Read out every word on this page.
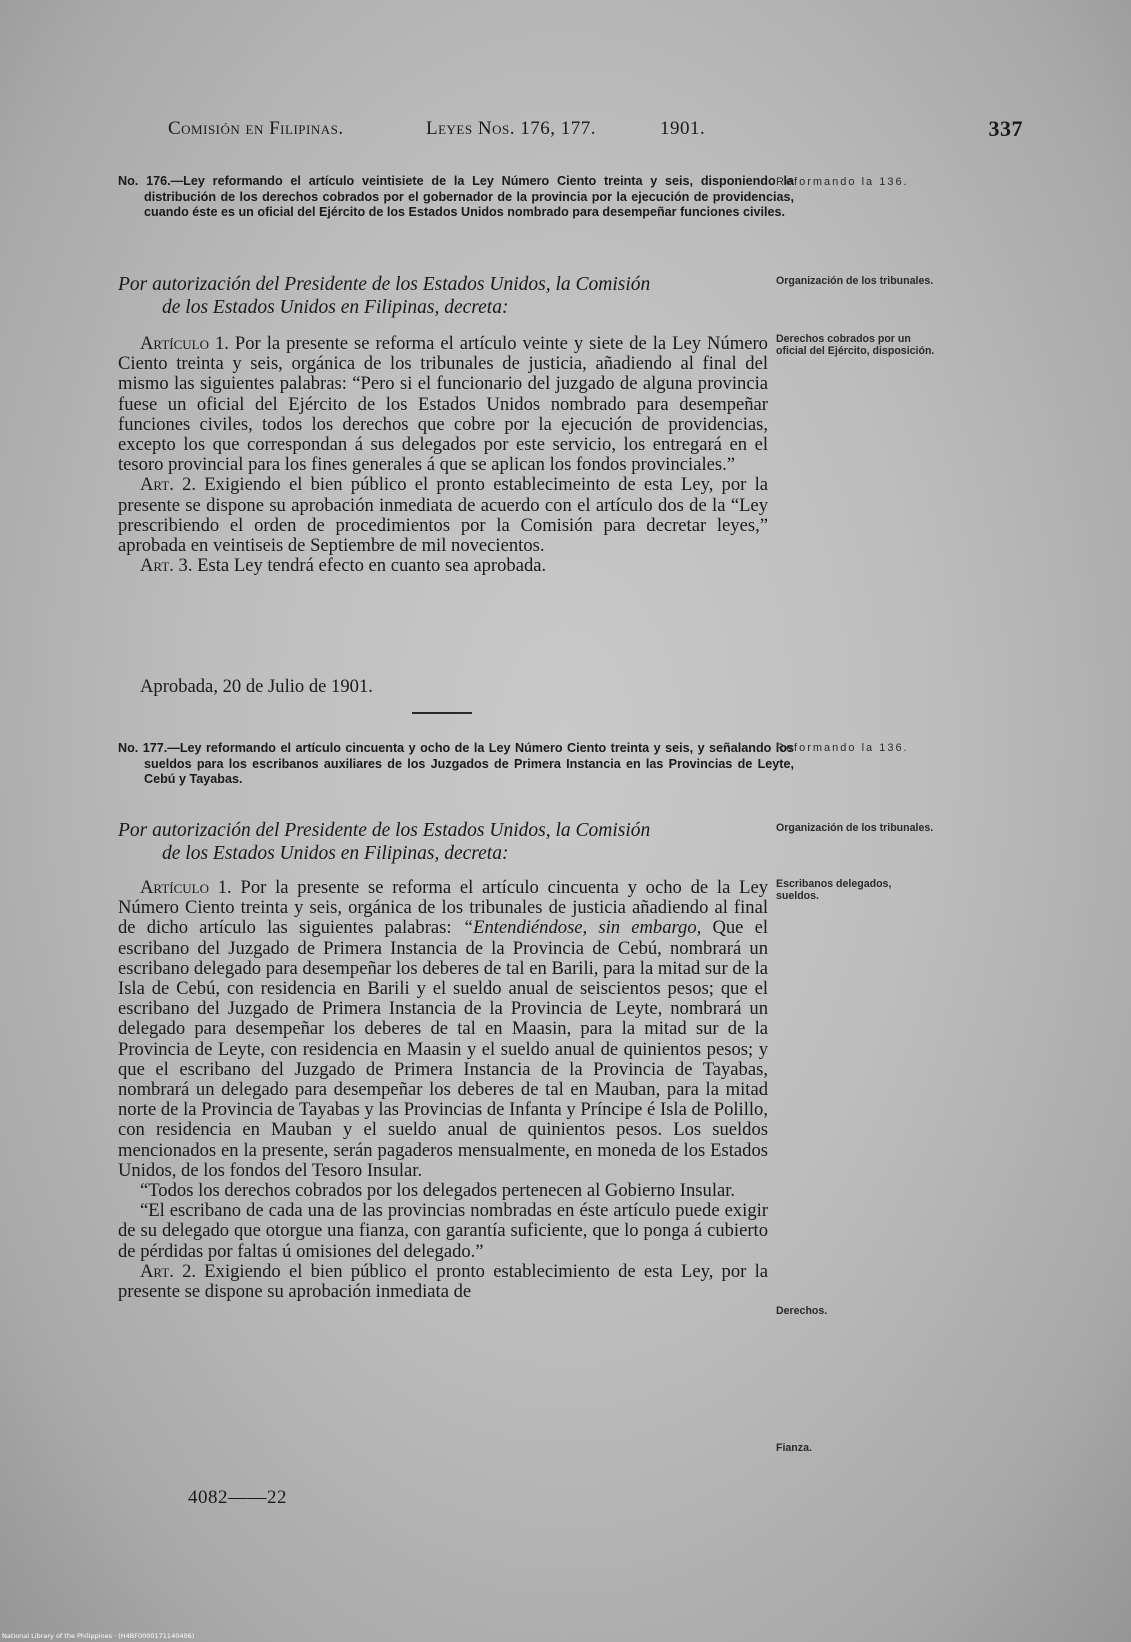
Comisión en Filipinas.	Leyes Nos. 176, 177.	1901.	337
No. 176.—Ley reformando el artículo veintisiete de la Ley Número Ciento treinta y seis, disponiendo la distribución de los derechos cobrados por el gobernador de la provincia por la ejecución de providencias, cuando éste es un oficial del Ejército de los Estados Unidos nombrado para desempeñar funciones civiles.
Por autorización del Presidente de los Estados Unidos, la Comisión
de los Estados Unidos en Filipinas, decreta:

Artículo 1. Por la presente se reforma el artículo veinte y siete de la Ley Número Ciento treinta y seis, orgánica de los tribunales de justicia, añadiendo al final del mismo las siguientes palabras: “Pero si el funcionario del juzgado de alguna provincia fuese un oficial del Ejército de los Estados Unidos nombrado para desempeñar funciones civiles, todos los derechos que cobre por la ejecución de providencias, excepto los que correspondan á sus delegados por este servicio, los entregará en el tesoro provincial para los fines generales á que se aplican los fondos provinciales.”

Art. 2. Exigiendo el bien público el pronto establecimeinto de esta Ley, por la presente se dispone su aprobación inmediata de acuerdo con el artículo dos de la “Ley prescribiendo el orden de procedimientos por la Comisión para decretar leyes,” aprobada en veintiseis de Septiembre de mil novecientos.

Art. 3. Esta Ley tendrá efecto en cuanto sea aprobada.

Aprobada, 20 de Julio de 1901.
No. 177.—Ley reformando el artículo cincuenta y ocho de la Ley Número Ciento treinta y seis, y señalando los sueldos para los escribanos auxiliares de los Juzgados de Primera Instancia en las Provincias de Leyte, Cebú y Tayabas.
Por autorización del Presidente de los Estados Unidos, la Comisión
de los Estados Unidos en Filipinas, decreta:

Artículo 1. Por la presente se reforma el artículo cincuenta y ocho de la Ley Número Ciento treinta y seis, orgánica de los tribunales de justicia añadiendo al final de dicho artículo las siguientes palabras: “Entendiéndose, sin embargo, Que el escribano del Juzgado de Primera Instancia de la Provincia de Cebú, nombrará un escribano delegado para desempeñar los deberes de tal en Barili, para la mitad sur de la Isla de Cebú, con residencia en Barili y el sueldo anual de seiscientos pesos; que el escribano del Juzgado de Primera Instancia de la Provincia de Leyte, nombrará un delegado para desempeñar los deberes de tal en Maasin, para la mitad sur de la Provincia de Leyte, con residencia en Maasin y el sueldo anual de quinientos pesos; y que el escribano del Juzgado de Primera Instancia de la Provincia de Tayabas, nombrará un delegado para desempeñar los deberes de tal en Mauban, para la mitad norte de la Provincia de Tayabas y las Provincias de Infanta y Príncipe é Isla de Polillo, con residencia en Mauban y el sueldo anual de quinientos pesos. Los sueldos mencionados en la presente, serán pagaderos mensualmente, en moneda de los Estados Unidos, de los fondos del Tesoro Insular.

“Todos los derechos cobrados por los delegados pertenecen al Gobierno Insular.

“El escribano de cada una de las provincias nombradas en éste artículo puede exigir de su delegado que otorgue una fianza, con garantía suficiente, que lo ponga á cubierto de pérdidas por faltas ú omisiones del delegado.”

Art. 2. Exigiendo el bien público el pronto establecimiento de esta Ley, por la presente se dispone su aprobación inmediata de

Reformando la 136.
Organización de los tribunales.
Derechos cobrados por un oficial del Ejército, disposición.
Reformando la 136.
Organización de los tribunales.
Escribanos delegados, sueldos.
Derechos.
Fianza.
4082——22
National Library of the Philippines · (H4BF0000171140406)
